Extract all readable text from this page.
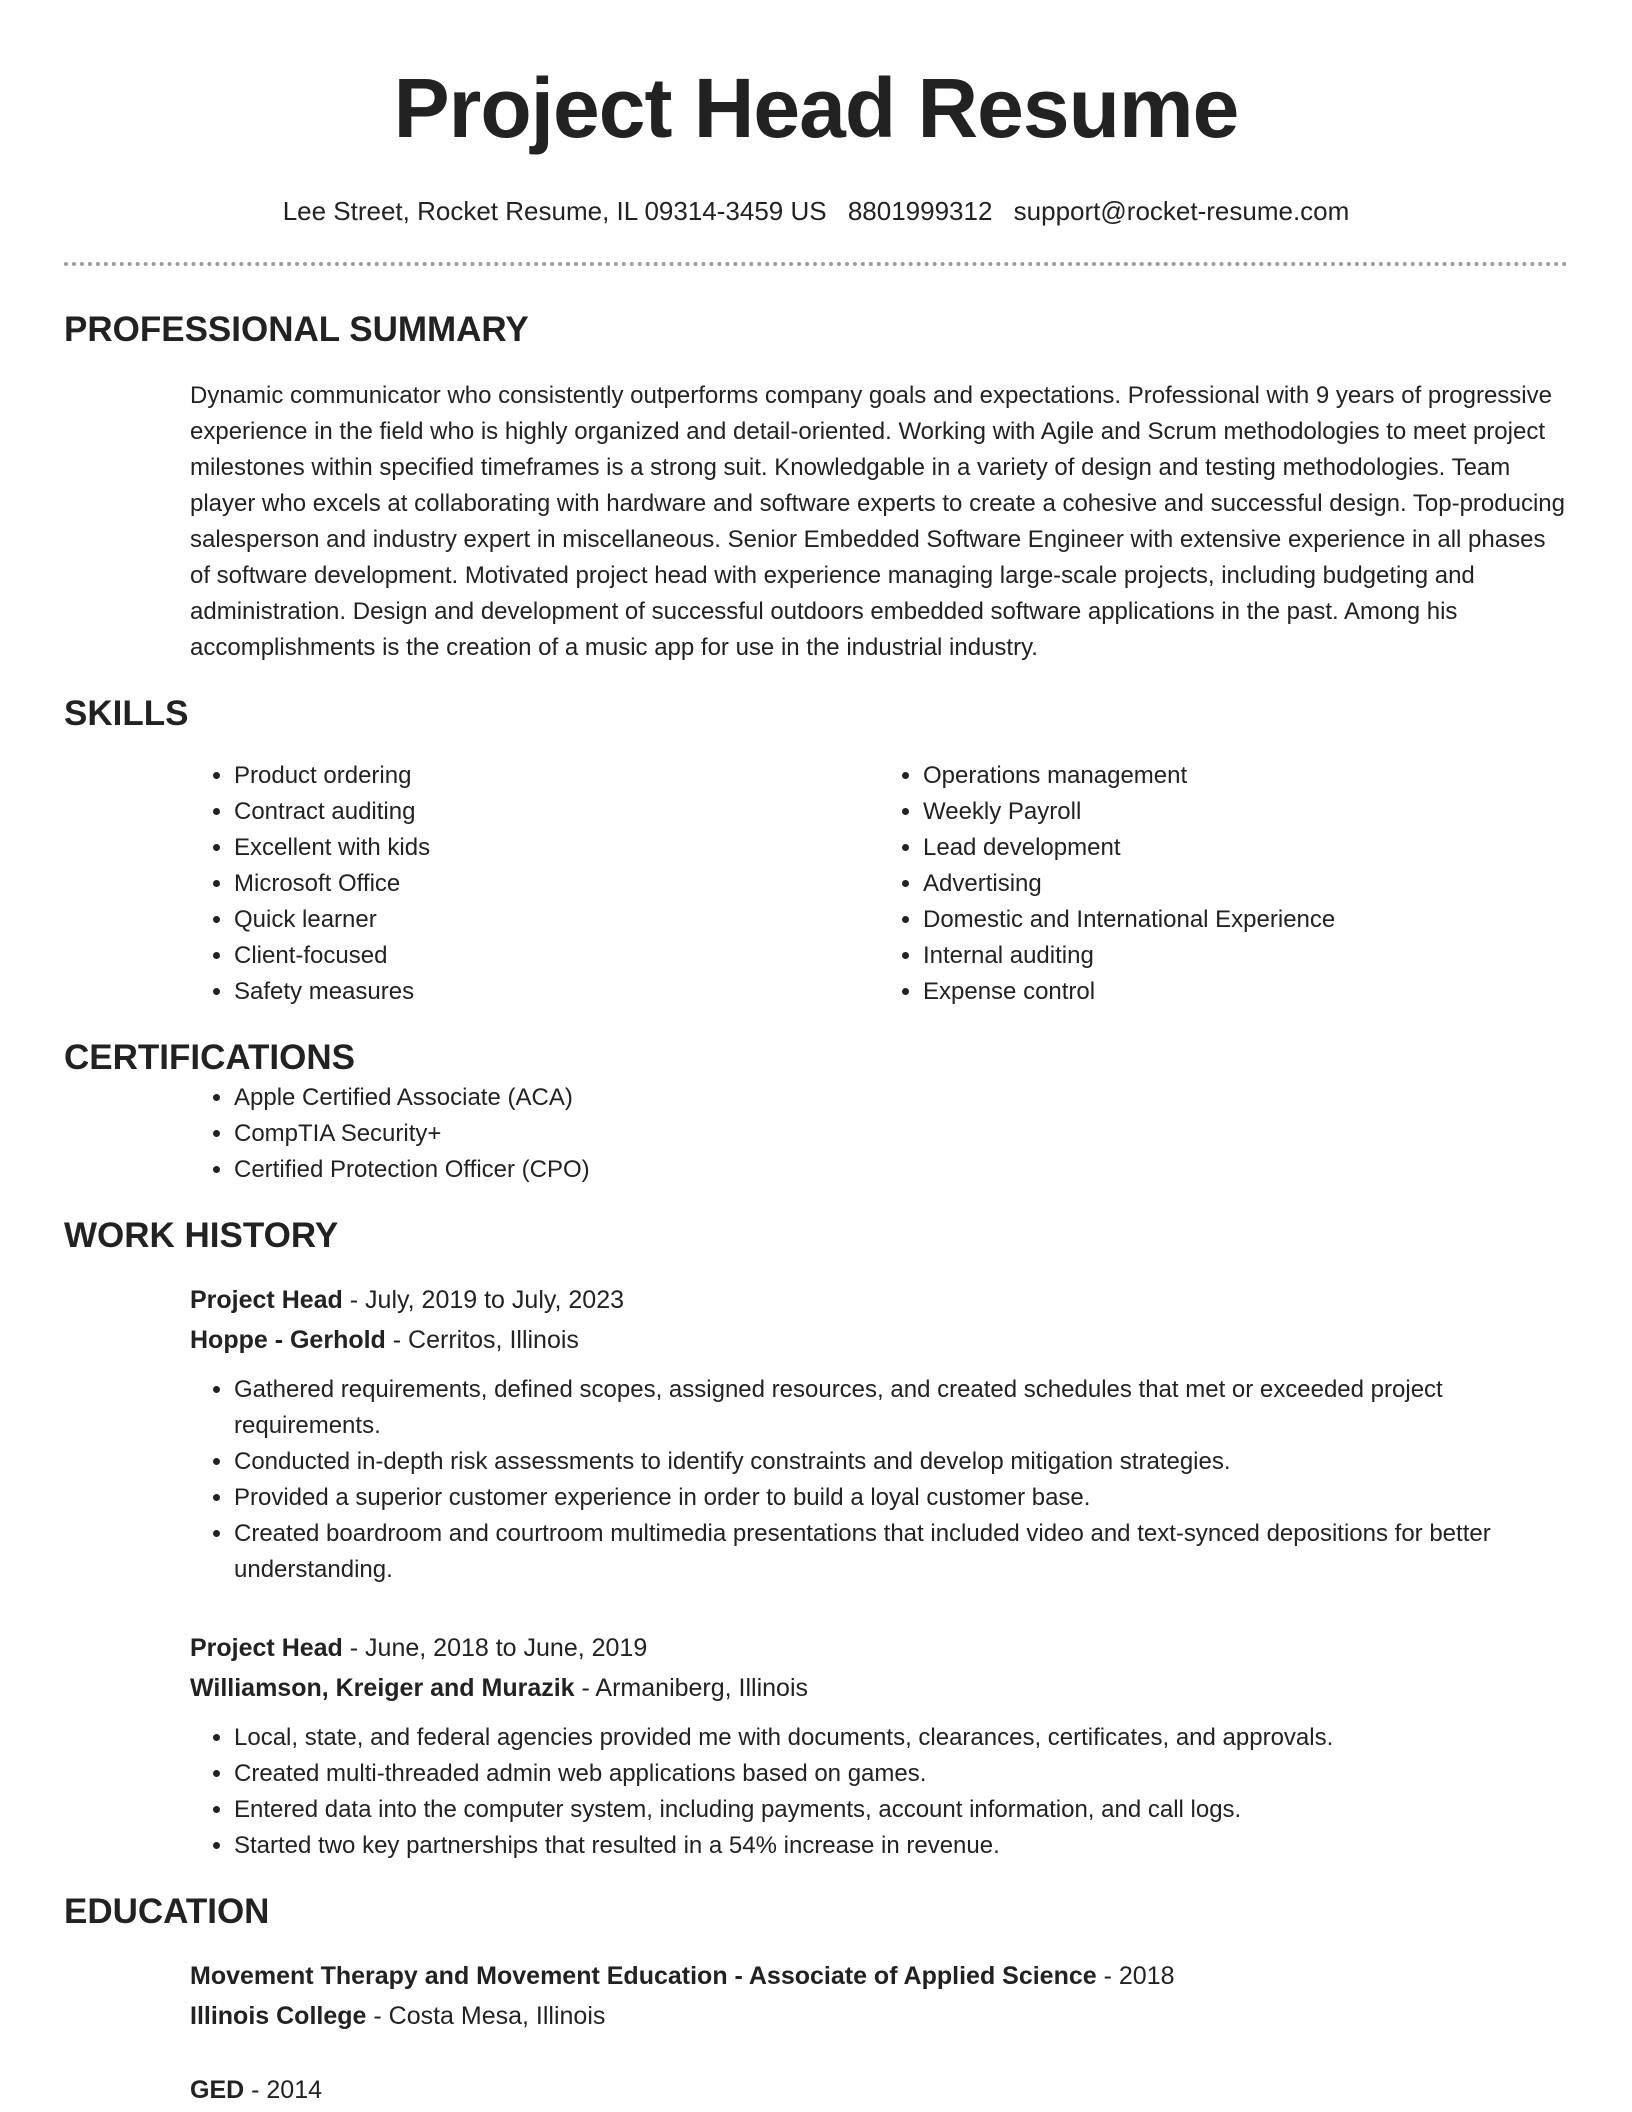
Project Head Resume
Lee Street, Rocket Resume, IL 09314-3459 US 8801999312 support@rocket-resume.com
PROFESSIONAL SUMMARY
Dynamic communicator who consistently outperforms company goals and expectations. Professional with 9 years of progressive experience in the field who is highly organized and detail-oriented. Working with Agile and Scrum methodologies to meet project milestones within specified timeframes is a strong suit. Knowledgable in a variety of design and testing methodologies. Team player who excels at collaborating with hardware and software experts to create a cohesive and successful design. Top-producing salesperson and industry expert in miscellaneous. Senior Embedded Software Engineer with extensive experience in all phases of software development. Motivated project head with experience managing large-scale projects, including budgeting and administration. Design and development of successful outdoors embedded software applications in the past. Among his accomplishments is the creation of a music app for use in the industrial industry.
SKILLS
• Product ordering
• Contract auditing
• Excellent with kids
• Microsoft Office
• Quick learner
• Client-focused
• Safety measures
• Operations management
• Weekly Payroll
• Lead development
• Advertising
• Domestic and International Experience
• Internal auditing
• Expense control
CERTIFICATIONS
• Apple Certified Associate (ACA)
• CompTIA Security+
• Certified Protection Officer (CPO)
WORK HISTORY
Project Head - July, 2019 to July, 2023
Hoppe - Gerhold - Cerritos, Illinois
• Gathered requirements, defined scopes, assigned resources, and created schedules that met or exceeded project requirements.
• Conducted in-depth risk assessments to identify constraints and develop mitigation strategies.
• Provided a superior customer experience in order to build a loyal customer base.
• Created boardroom and courtroom multimedia presentations that included video and text-synced depositions for better understanding.
Project Head - June, 2018 to June, 2019
Williamson, Kreiger and Murazik - Armaniberg, Illinois
• Local, state, and federal agencies provided me with documents, clearances, certificates, and approvals.
• Created multi-threaded admin web applications based on games.
• Entered data into the computer system, including payments, account information, and call logs.
• Started two key partnerships that resulted in a 54% increase in revenue.
EDUCATION
Movement Therapy and Movement Education - Associate of Applied Science - 2018
Illinois College - Costa Mesa, Illinois
GED - 2014
